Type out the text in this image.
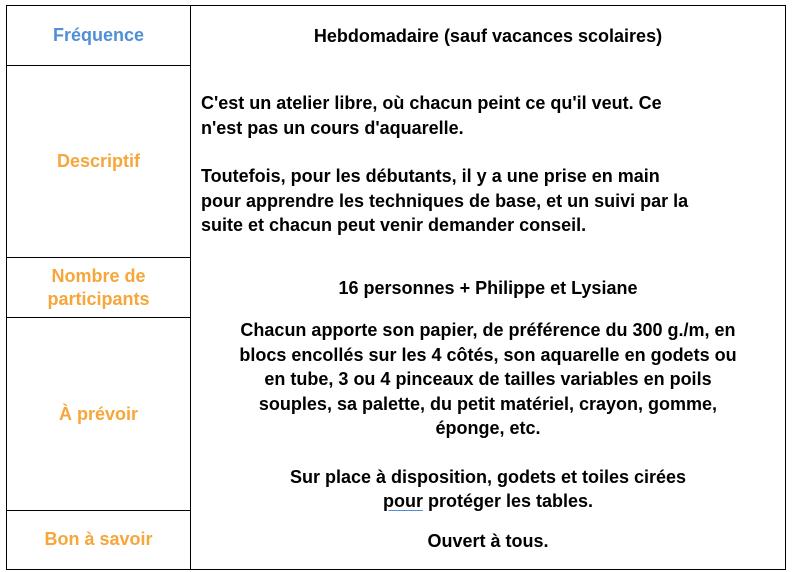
Fréquence	Hebdomadaire (sauf vacances scolaires)

Descriptif

C'est un atelier libre, où chacun peint ce qu'il veut. Ce
n'est pas un cours d'aquarelle.

Toutefois, pour les débutants, il y a une prise en main
pour apprendre les techniques de base, et un suivi par la
suite et chacun peut venir demander conseil.

Nombre de
participants

16 personnes + Philippe et Lysiane

À prévoir

Chacun apporte son papier, de préférence du 300 g./m, en
blocs encollés sur les 4 côtés, son aquarelle en godets ou
en tube, 3 ou 4 pinceaux de tailles variables en poils
souples, sa palette, du petit matériel, crayon, gomme,
éponge, etc.

Sur place à disposition, godets et toiles cirées

pour protéger les tables.

Bon à savoir	Ouvert à tous.
